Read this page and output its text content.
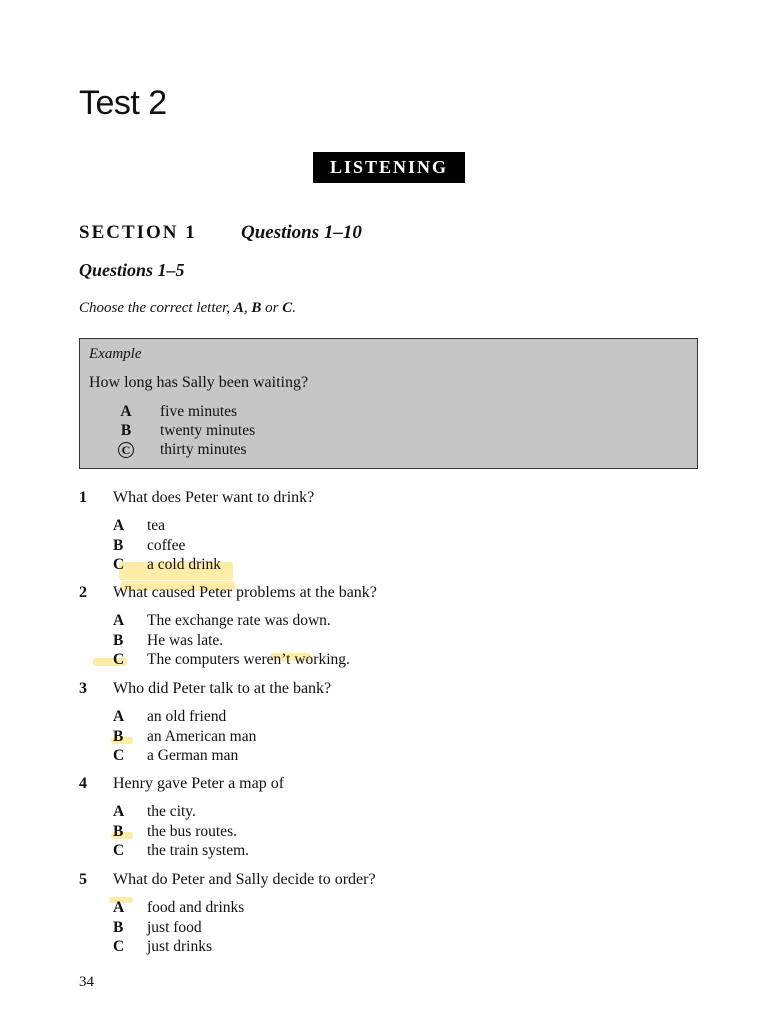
Test 2
LISTENING
SECTION 1 Questions 1–10
Questions 1–5
Choose the correct letter, A, B or C.
Example
How long has Sally been waiting?
A five minutes
B twenty minutes
C thirty minutes
1 What does Peter want to drink?
A tea
B coffee
C a cold drink
2 What caused Peter problems at the bank?
A The exchange rate was down.
B He was late.
C The computers weren’t working.
3 Who did Peter talk to at the bank?
A an old friend
B an American man
C a German man
4 Henry gave Peter a map of
A the city.
B the bus routes.
C the train system.
5 What do Peter and Sally decide to order?
A food and drinks
B just food
C just drinks
34
